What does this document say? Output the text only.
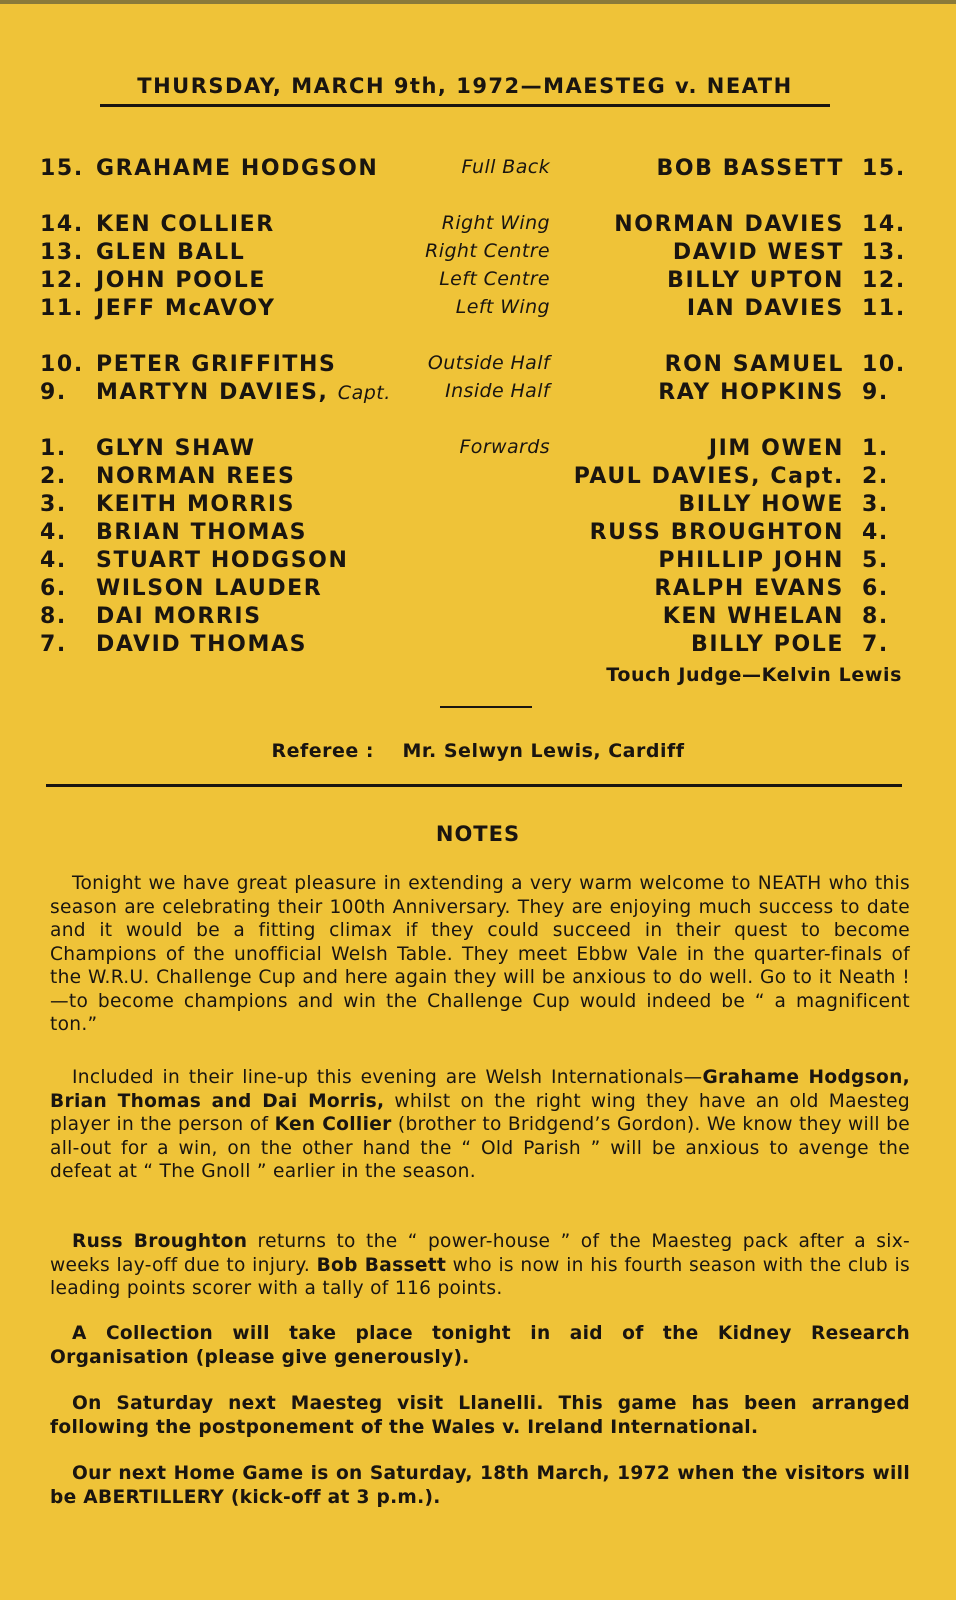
THURSDAY, MARCH 9th, 1972—MAESTEG v. NEATH
15. GRAHAME HODGSON	Full Back	BOB BASSETT 15.
14. KEN COLLIER	Right Wing	NORMAN DAVIES 14.
13. GLEN BALL	Right Centre	DAVID WEST 13.
12. JOHN POOLE	Left Centre	BILLY UPTON 12.
11. JEFF McAVOY	Left Wing	IAN DAVIES 11.
10. PETER GRIFFITHS	Outside Half	RON SAMUEL 10.
9.	MARTYN DAVIES, Capt.	Inside Half	RAY HOPKINS 9.
1.	GLYN SHAW	Forwards	JIM OWEN 1.
2.	NORMAN REES	PAUL DAVIES, Capt. 2.
3.	KEITH MORRIS	BILLY HOWE 3.
4.	BRIAN THOMAS	RUSS BROUGHTON 4.
4.	STUART HODGSON	PHILLIP JOHN 5.
6.	WILSON LAUDER	RALPH EVANS 6.
8.	DAI MORRIS	KEN WHELAN 8.
7.	DAVID THOMAS	BILLY POLE 7.
Touch Judge—Kelvin Lewis
Referee : Mr. Selwyn Lewis, Cardiff
NOTES

Tonight we have great pleasure in extending a very warm welcome to NEATH who this season are celebrating their 100th Anniversary. They are enjoying much success to date and it would be a fitting climax if they could succeed in their quest to become Champions of the unofficial Welsh Table. They meet Ebbw Vale in the quarter-finals of the W.R.U. Challenge Cup and here again they will be anxious to do well. Go to it Neath !—to become champions and win the Challenge Cup would indeed be “ a magnificent ton.”

Included in their line-up this evening are Welsh Internationals—Grahame Hodgson, Brian Thomas and Dai Morris, whilst on the right wing they have an old Maesteg player in the person of Ken Collier (brother to Bridgend’s Gordon). We know they will be all-out for a win, on the other hand the “ Old Parish ” will be anxious to avenge the defeat at “ The Gnoll ” earlier in the season.

Russ Broughton returns to the “ power-house ” of the Maesteg pack after a six-weeks lay-off due to injury. Bob Bassett who is now in his fourth season with the club is leading points scorer with a tally of 116 points.

A Collection will take place tonight in aid of the Kidney Research Organisation (please give generously).

On Saturday next Maesteg visit Llanelli. This game has been arranged following the postponement of the Wales v. Ireland International.

Our next Home Game is on Saturday, 18th March, 1972 when the visitors will be ABERTILLERY (kick-off at 3 p.m.).
